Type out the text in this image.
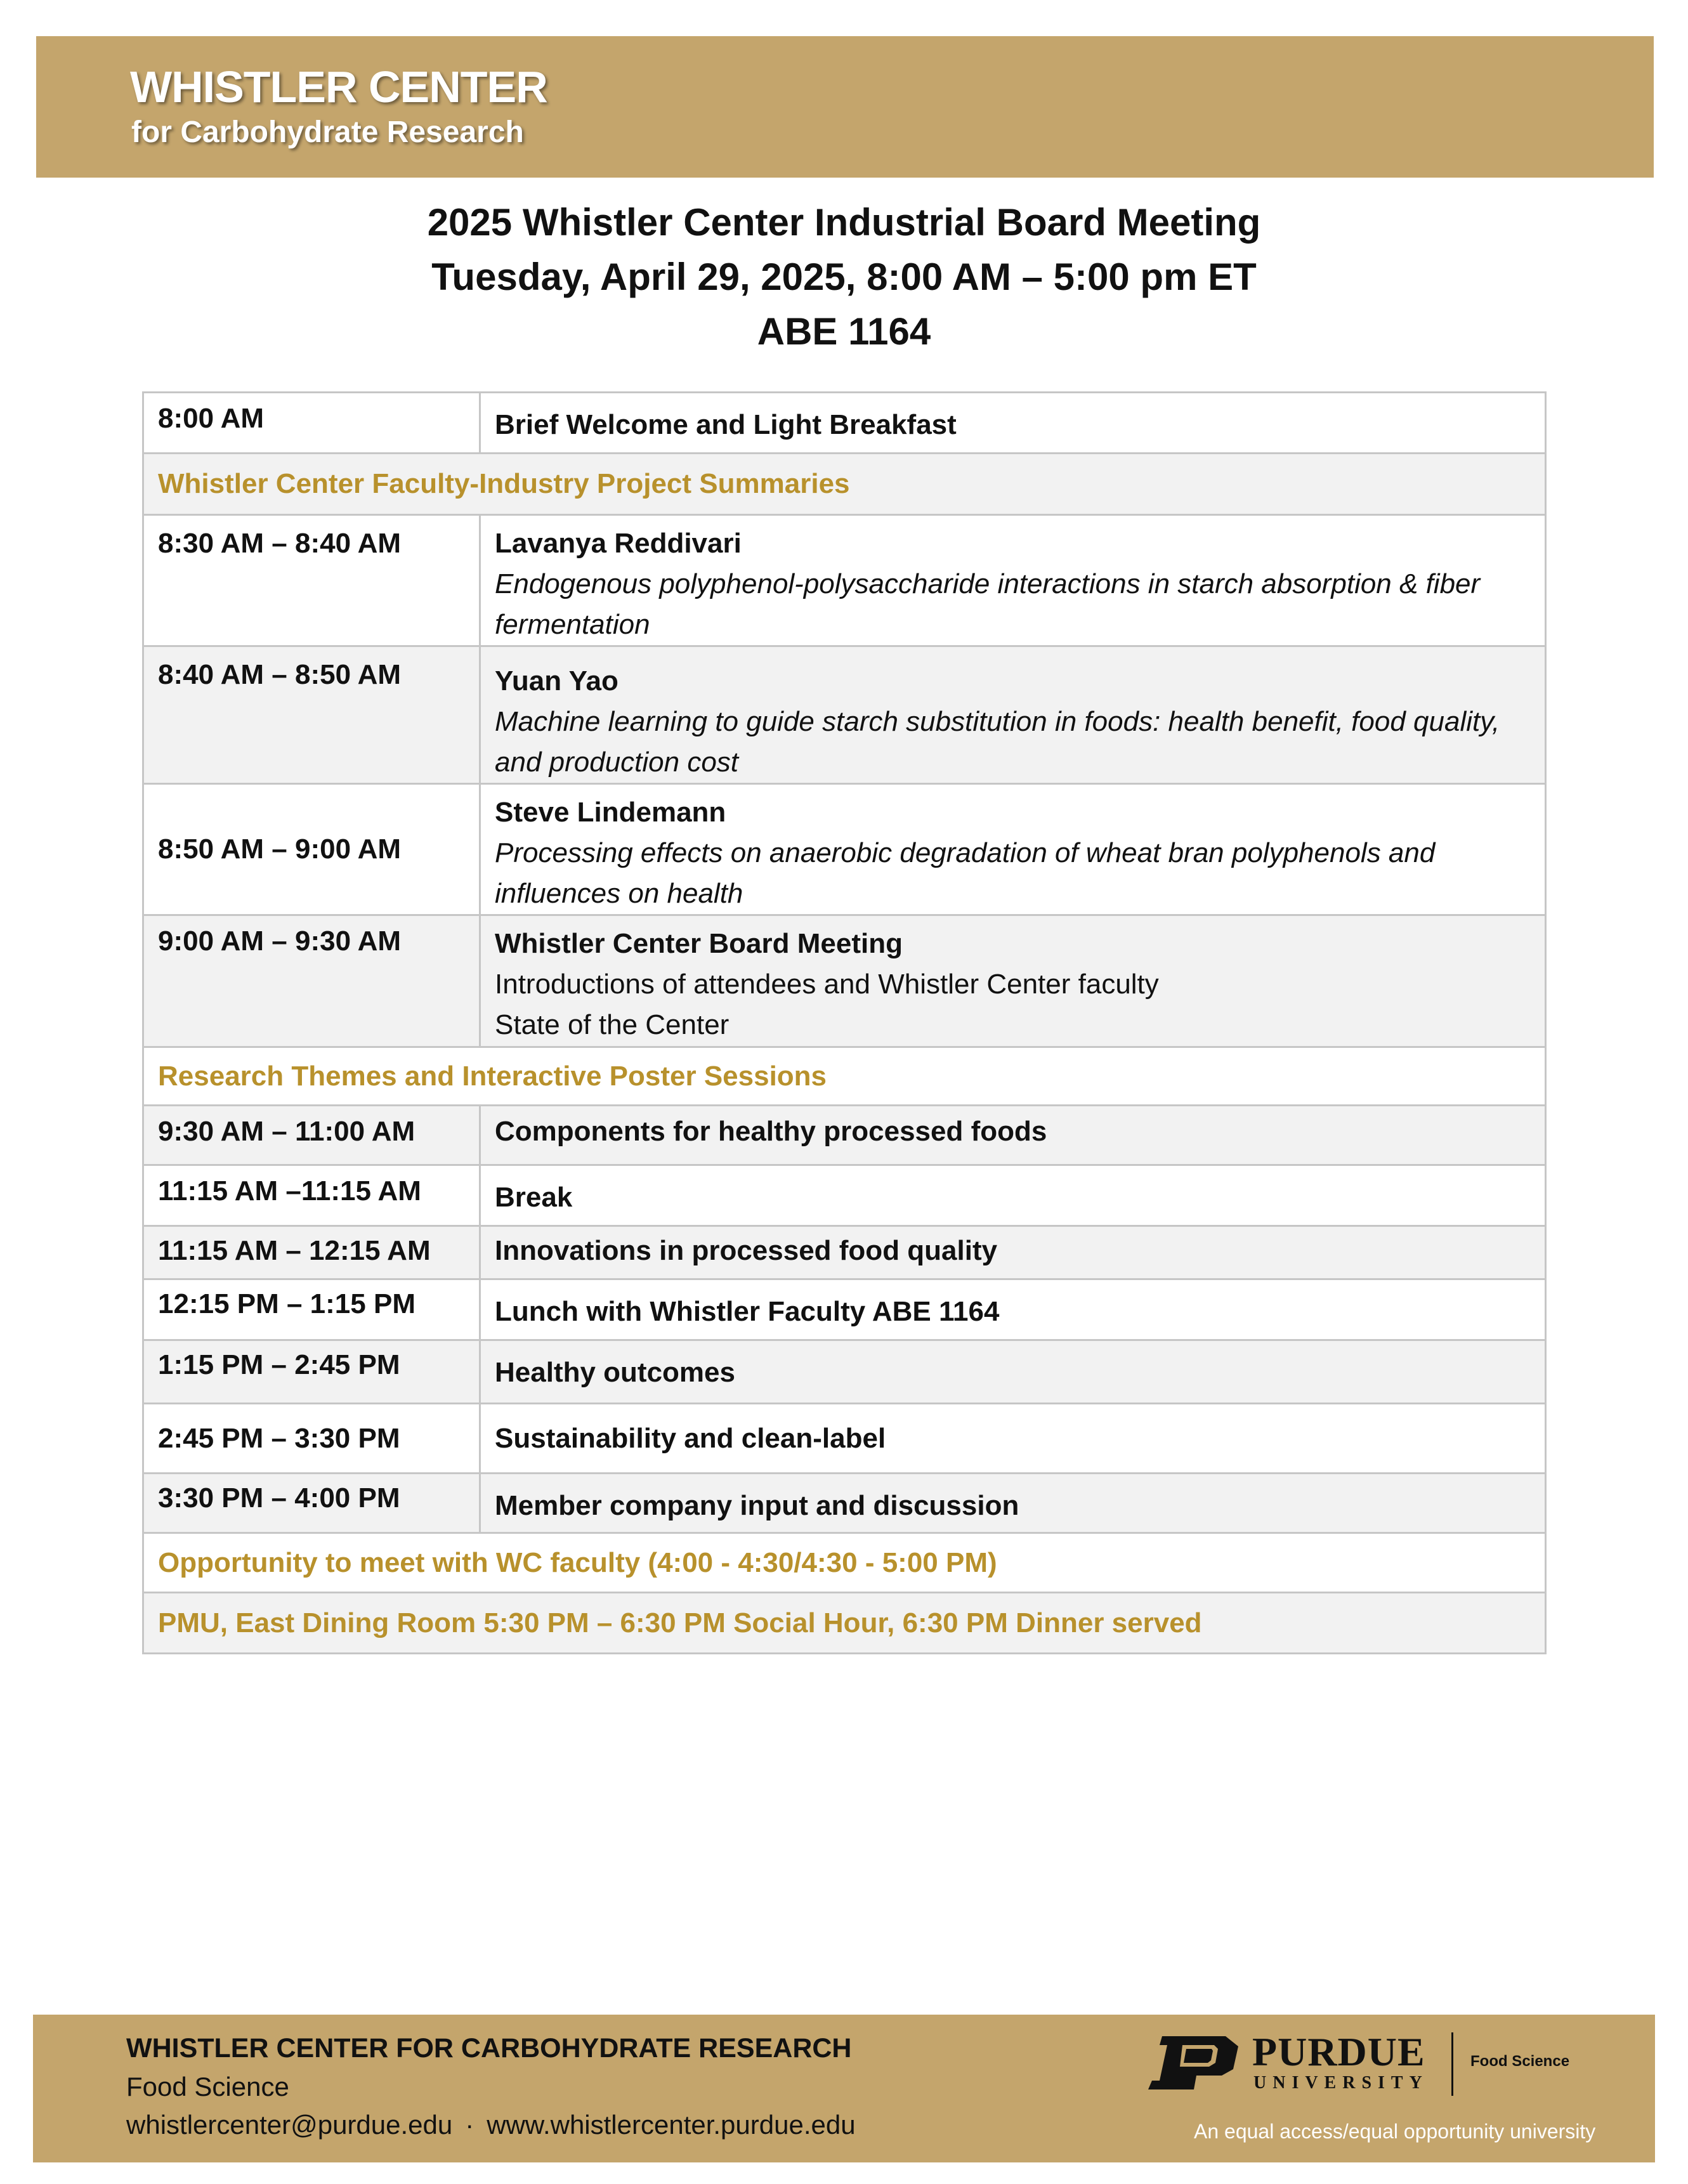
WHISTLER CENTER
for Carbohydrate Research
2025 Whistler Center Industrial Board Meeting
Tuesday, April 29, 2025, 8:00 AM – 5:00 pm ET
ABE 1164
8:00 AM	Brief Welcome and Light Breakfast
Whistler Center Faculty-Industry Project Summaries	
8:30 AM – 8:40 AM	Lavanya Reddivari
Endogenous polyphenol-polysaccharide interactions in starch absorption & fiber fermentation

8:40 AM – 8:50 AM	Yuan Yao
Machine learning to guide starch substitution in foods: health benefit, food quality, and production cost

8:50 AM – 9:00 AM	Steve Lindemann
Processing effects on anaerobic degradation of wheat bran polyphenols and influences on health

9:00 AM – 9:30 AM	Whistler Center Board Meeting
Introductions of attendees and Whistler Center faculty
State of the Center

Research Themes and Interactive Poster Sessions	
9:30 AM – 11:00 AM	Components for healthy processed foods
11:15 AM –11:15 AM	Break
11:15 AM – 12:15 AM	Innovations in processed food quality
12:15 PM – 1:15 PM	Lunch with Whistler Faculty ABE 1164
1:15 PM – 2:45 PM	Healthy outcomes
2:45 PM – 3:30 PM	Sustainability and clean-label
3:30 PM – 4:00 PM	Member company input and discussion
Opportunity to meet with WC faculty (4:00 - 4:30/4:30 - 5:00 PM)	
PMU, East Dining Room 5:30 PM – 6:30 PM Social Hour, 6:30 PM Dinner served	
WHISTLER CENTER FOR CARBOHYDRATE RESEARCH
Food Science
whistlercenter@purdue.edu · www.whistlercenter.purdue.edu
PURDUE
UNIVERSITY
Food Science
An equal access/equal opportunity university
